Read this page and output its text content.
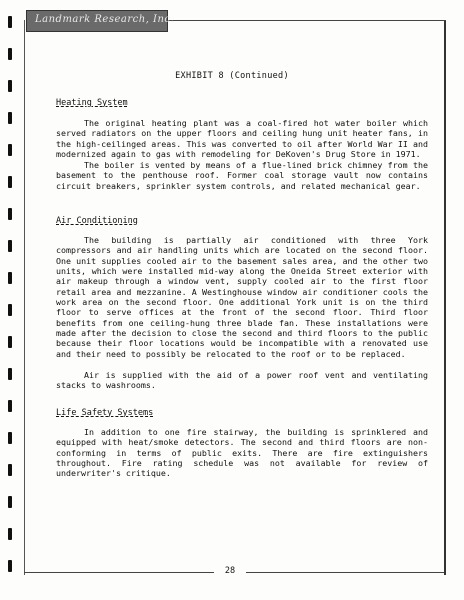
Landmark Research, Inc.
EXHIBIT 8 (Continued)
Heating System
The original heating plant was a coal-fired hot water boiler which served radiators on the upper floors and ceiling hung unit heater fans, in the high-ceilinged areas. This was converted to oil after World War II and modernized again to gas with remodeling for DeKoven's Drug Store in 1971.
The boiler is vented by means of a flue-lined brick chimney from the basement to the penthouse roof. Former coal storage vault now contains circuit breakers, sprinkler system controls, and related mechanical gear.
Air Conditioning
The building is partially air conditioned with three York compressors and air handling units which are located on the second floor. One unit supplies cooled air to the basement sales area, and the other two units, which were installed mid-way along the Oneida Street exterior with air makeup through a window vent, supply cooled air to the first floor retail area and mezzanine. A Westinghouse window air conditioner cools the work area on the second floor. One additional York unit is on the third floor to serve offices at the front of the second floor. Third floor benefits from one ceiling-hung three blade fan. These installations were made after the decision to close the second and third floors to the public because their floor locations would be incompatible with a renovated use and their need to possibly be relocated to the roof or to be replaced.
Air is supplied with the aid of a power roof vent and ventilating stacks to washrooms.
Life Safety Systems
In addition to one fire stairway, the building is sprinklered and equipped with heat/smoke detectors. The second and third floors are non-conforming in terms of public exits. There are fire extinguishers throughout. Fire rating schedule was not available for review of underwriter's critique.
28
